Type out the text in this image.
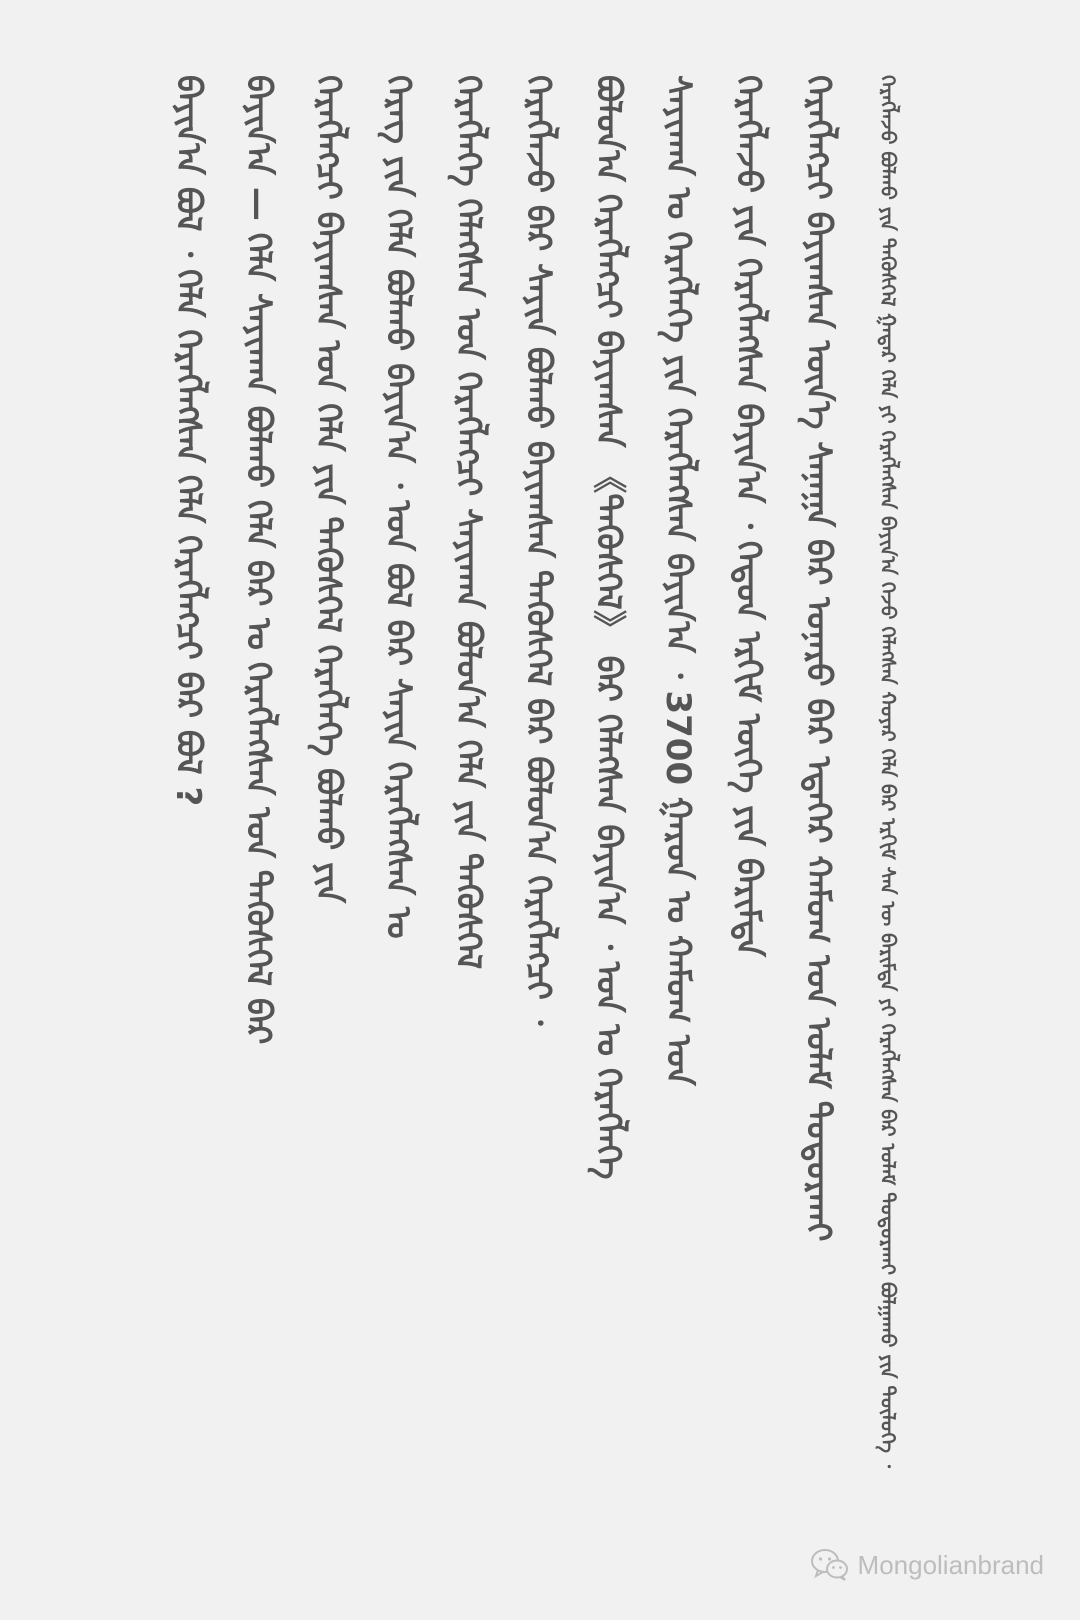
ᠬᠡᠷᠡᠭᠯᠡᠵᠦ ᠪᠣᠯᠬᠤ ᠶᠢᠨ ᠲᠡᠭᠦᠰᠬᠡᠯ ᠭᠠᠳᠠᠷ ᠬᠡᠯᠡ ᠶᠢ ᠬᠡᠷᠡᠭᠯᠡᠭᠰᠡᠨ ᠪᠠᠶᠢᠨ᠎ᠠ ᠭᠡᠵᠦ ᠬᠡᠯᠡᠭᠰᠡᠨ ᠬᠣᠶᠠᠷ ᠬᠡᠯᠡ ᠪᠡᠷ ᠡᠷᠬᠢᠮ ᠰᠠᠨ ᠦ ᠪᠠᠷᠢᠮᠲᠠ ᠶᠢ ᠬᠡᠷᠡᠭᠯᠡᠭᠰᠡᠨ ᠪᠡᠷ ᠤᠯᠠᠮ ᠲᠣᠳᠣᠷᠬᠠᠢ ᠪᠣᠯᠭᠠᠬᠤ ᠶᠢᠨ ᠲᠥᠯᠦᠭᠡ ᠂
ᠬᠡᠷᠡᠭᠯᠡᠭᠴᠢ ᠪᠠᠶᠢᠭᠰᠠᠨ ᠦᠨ᠎ᠡ ᠰᠠᠨᠠᠭᠠ ᠪᠠᠷ ᠤᠨᠠᠷᠤ ᠪᠠᠷ ᠡᠳᠡᠭᠡᠷ ᠬᠠᠮᠤᠭ ᠤᠨ ᠤᠯᠠᠮ ᠲᠣᠳᠣᠷᠬᠠᠢ
ᠬᠡᠷᠡᠭᠯᠡᠵᠦ ᠶᠢᠨ ᠬᠡᠷᠡᠭᠯᠡᠭᠰᠡᠨ ᠪᠠᠶᠢᠨ᠎ᠠ ᠂ ᠬᠡᠳᠦᠨ ᠡᠷᠬᠢᠮ ᠦᠭᠡ ᠶᠢᠨ ᠪᠠᠷᠢᠮᠲᠠ
ᠰᠠᠶᠢᠬᠠᠨ ᠤ ᠬᠡᠷᠡᠭᠯᠡᠭᠡ ᠶᠢᠨ ᠬᠡᠷᠡᠭᠯᠡᠭᠰᠡᠨ ᠪᠠᠶᠢᠨ᠎ᠠ ᠂ 3700 ᠭᠠᠷᠤᠨ ᠤ ᠬᠠᠮᠤᠭ ᠤᠨ
ᠪᠣᠯᠤᠨ᠎ᠠ ᠬᠡᠷᠡᠭᠯᠡᠭᠴᠢ ᠪᠠᠶᠢᠭᠰᠠᠨ 《ᠲᠡᠭᠦᠰᠬᠡᠯ》 ᠪᠠᠷ ᠬᠡᠯᠡᠭᠰᠡᠨ ᠪᠠᠶᠢᠨ᠎ᠠ ᠂ ᠤᠨ ᠤ ᠬᠡᠷᠡᠭᠯᠡᠭᠡ
ᠬᠡᠷᠡᠭᠯᠡᠵᠦ ᠪᠠᠷ ᠰᠠᠶᠢᠨ ᠪᠣᠯᠬᠤ ᠪᠠᠶᠢᠭᠰᠠᠨ ᠲᠡᠭᠦᠰᠬᠡᠯ ᠪᠠᠷ ᠪᠣᠯᠤᠨ᠎ᠠ ᠬᠡᠷᠡᠭᠯᠡᠭᠴᠢ ᠂
ᠬᠡᠷᠡᠭᠯᠡᠭᠡ ᠬᠡᠯᠡᠭᠰᠡᠨ ᠤᠨ ᠬᠡᠷᠡᠭᠯᠡᠭᠴᠢ ᠰᠠᠶᠢᠬᠠᠨ ᠪᠣᠯᠤᠨ᠎ᠠ ᠬᠡᠯᠡ ᠶᠢᠨ ᠲᠡᠭᠦᠰᠬᠡᠯ
ᠬᠡᠷᠡᠭ ᠶᠢᠨ ᠬᠡᠯᠡ ᠪᠣᠯᠬᠤ ᠪᠠᠶᠢᠨ᠎ᠠ ᠂ ᠤᠨ ᠪᠣᠯ ᠪᠠᠷ ᠰᠠᠶᠢᠨ ᠬᠡᠷᠡᠭᠯᠡᠭᠰᠡᠨ ᠤ
ᠬᠡᠷᠡᠭᠯᠡᠭᠴᠢ ᠪᠠᠶᠢᠭᠰᠠᠨ ᠤᠨ ᠬᠡᠯᠡ ᠶᠢᠨ ᠲᠡᠭᠦᠰᠬᠡᠯ ᠬᠡᠷᠡᠭᠯᠡᠭᠡ ᠪᠣᠯᠬᠤ ᠶᠢᠨ
ᠪᠠᠶᠢᠨ᠎ᠠ — ᠬᠡᠯᠡ ᠰᠠᠶᠢᠬᠠᠨ ᠪᠣᠯᠬᠤ ᠬᠡᠯᠡ ᠪᠠᠷ ᠤ ᠬᠡᠷᠡᠭᠯᠡᠭᠰᠡᠨ ᠤᠨ ᠲᠡᠭᠦᠰᠬᠡᠯ ᠪᠠᠷ
ᠪᠠᠶᠢᠨ᠎ᠠ ᠪᠣᠯ ᠂ ᠬᠡᠯᠡ ᠬᠡᠷᠡᠭᠯᠡᠭᠰᠡᠨ ᠬᠡᠯᠡ ᠬᠡᠷᠡᠭᠯᠡᠭᠴᠢ ᠪᠠᠷ ᠪᠣᠯ ?
Mongolianbrand
